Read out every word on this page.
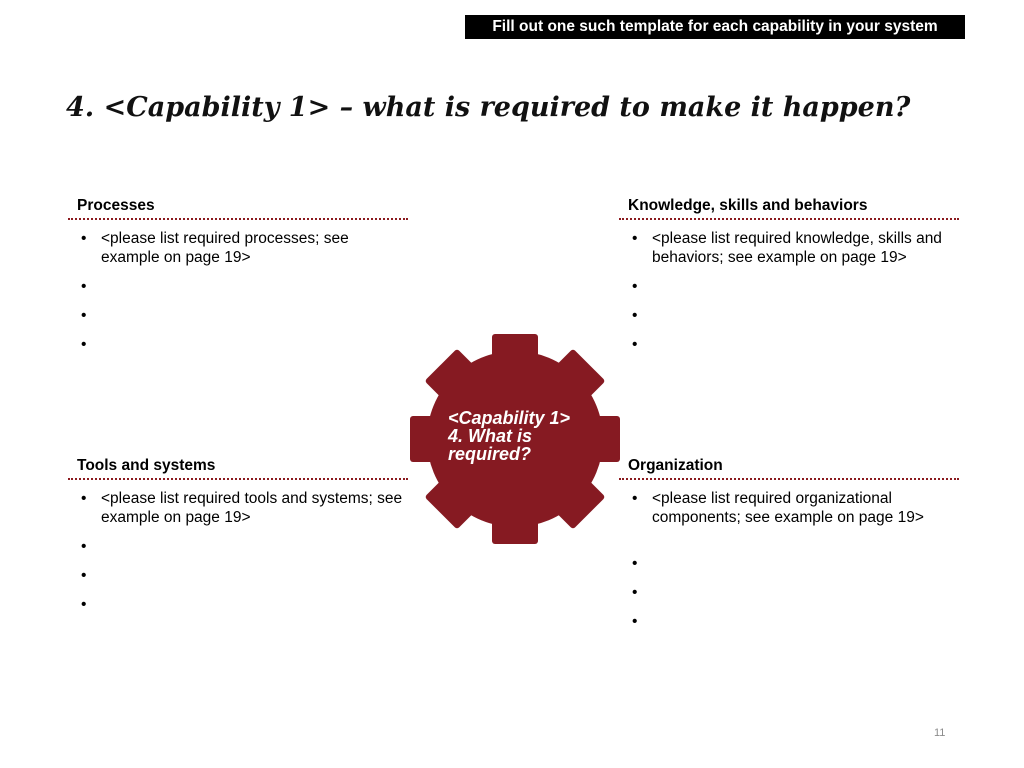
Fill out one such template for each capability in your system
4. <Capability 1> – what is required to make it happen?
Processes
• <please list required processes; see example on page 19>
•
•
•
Knowledge, skills and behaviors
• <please list required knowledge, skills and behaviors; see example on page 19>
•
•
•
Tools and systems
• <please list required tools and systems; see example on page 19>
•
•
•
Organization
• <please list required organizational components; see example on page 19>
•
•
•
<Capability 1>
4. What is required?
11
